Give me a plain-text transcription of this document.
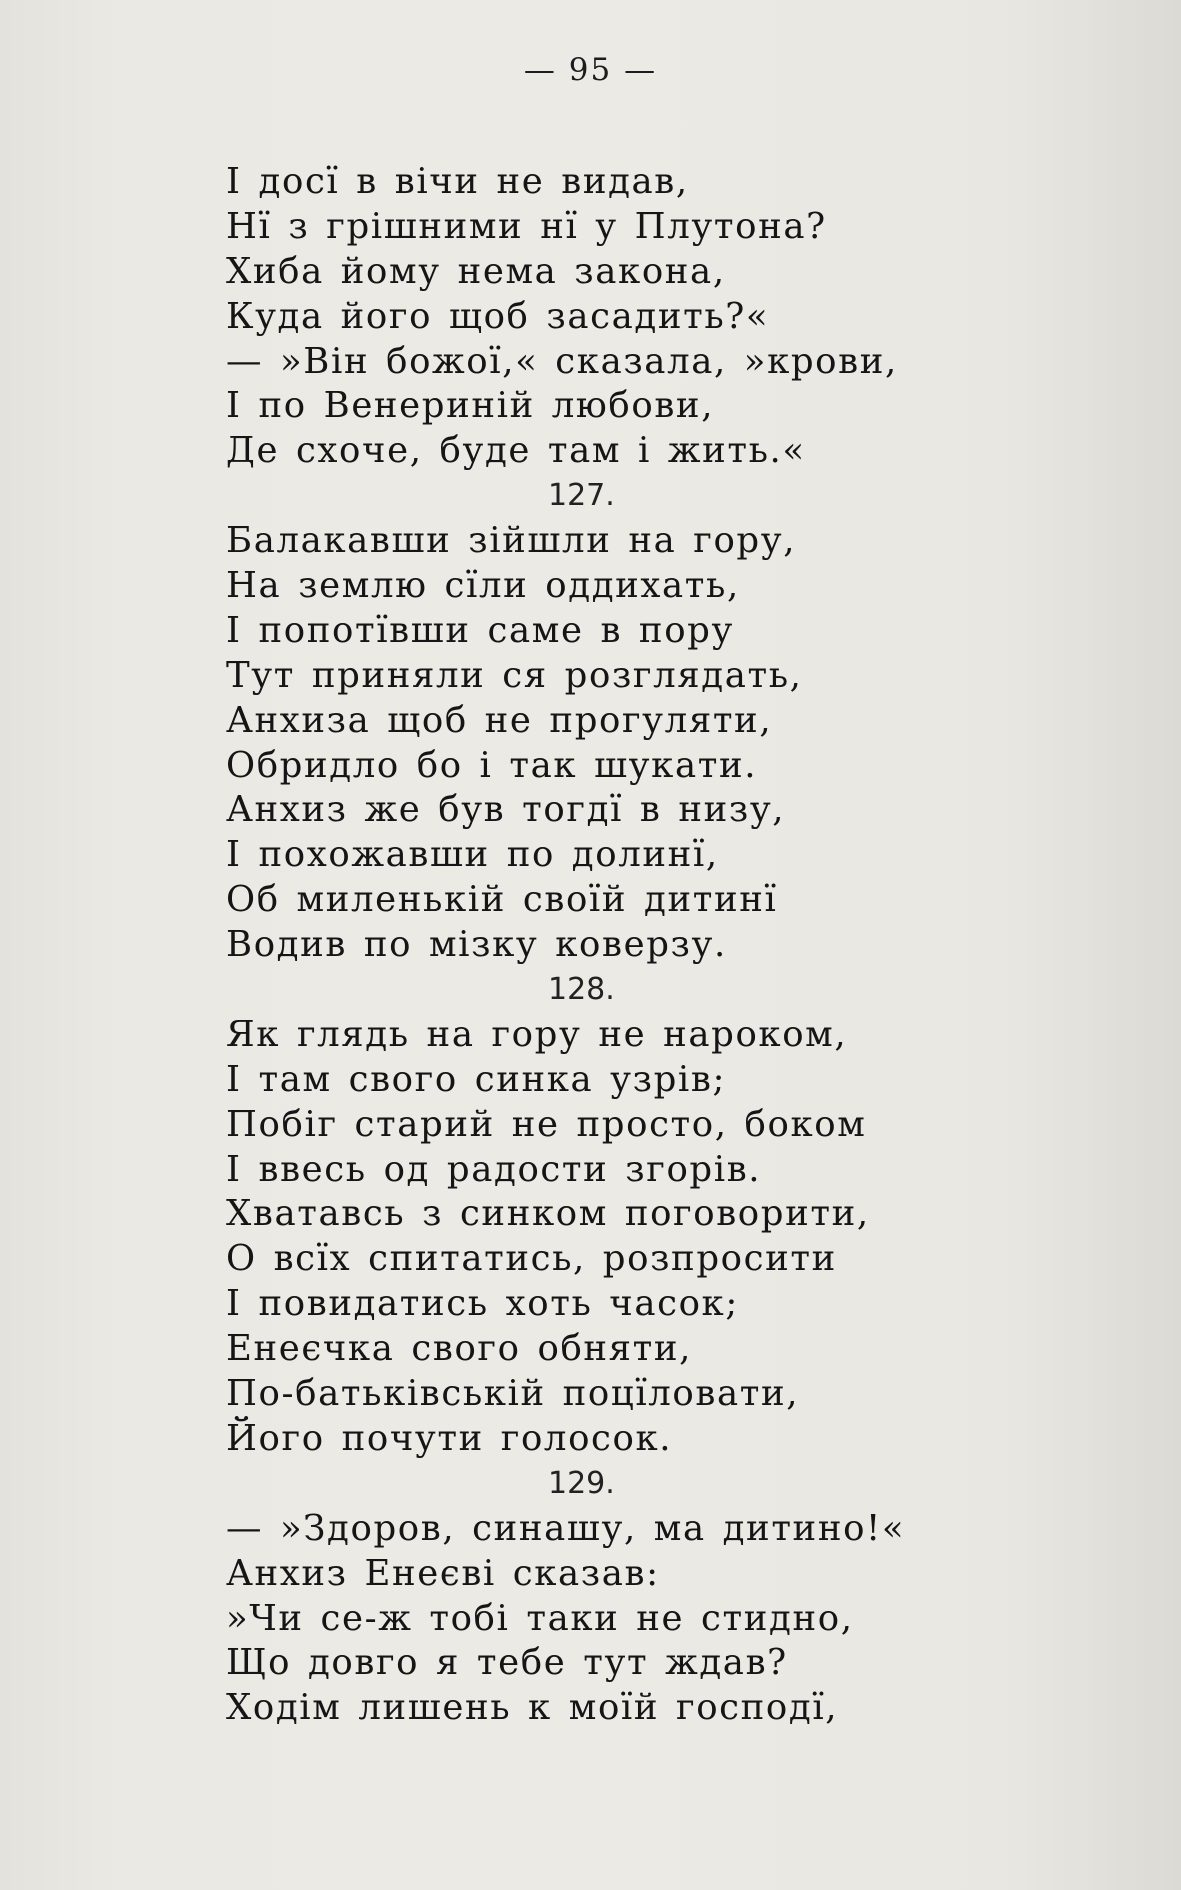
— 95 —
І досї в вічи не видав,
Нї з грішними нї у Плутона?
Хиба йому нема закона,
Куда його щоб засадить?«
— »Він божої,« сказала, »крови,
І по Венериній любови,
Де схоче, буде там і жить.«
127.
Балакавши зійшли на гору,
На землю сїли оддихать,
І попотївши саме в пору
Тут приняли ся розглядать,
Анхиза щоб не прогуляти,
Обридло бо і так шукати.
Анхиз же був тогдї в низу,
І похожавши по долинї,
Об миленькій своїй дитинї
Водив по мізку коверзу.
128.
Як глядь на гору не нароком,
І там свого синка узрів;
Побіг старий не просто, боком
І ввесь од радости згорів.
Хватавсь з синком поговорити,
О всїх спитатись, розпросити
І повидатись хоть часок;
Енеєчка свого обняти,
По-батьківській поцїловати,
Його почути голосок.
129.
— »Здоров, синашу, ма дитино!«
Анхиз Енеєві сказав:
»Чи се-ж тобі таки не стидно,
Що довго я тебе тут ждав?
Ходім лишень к моїй господї,
